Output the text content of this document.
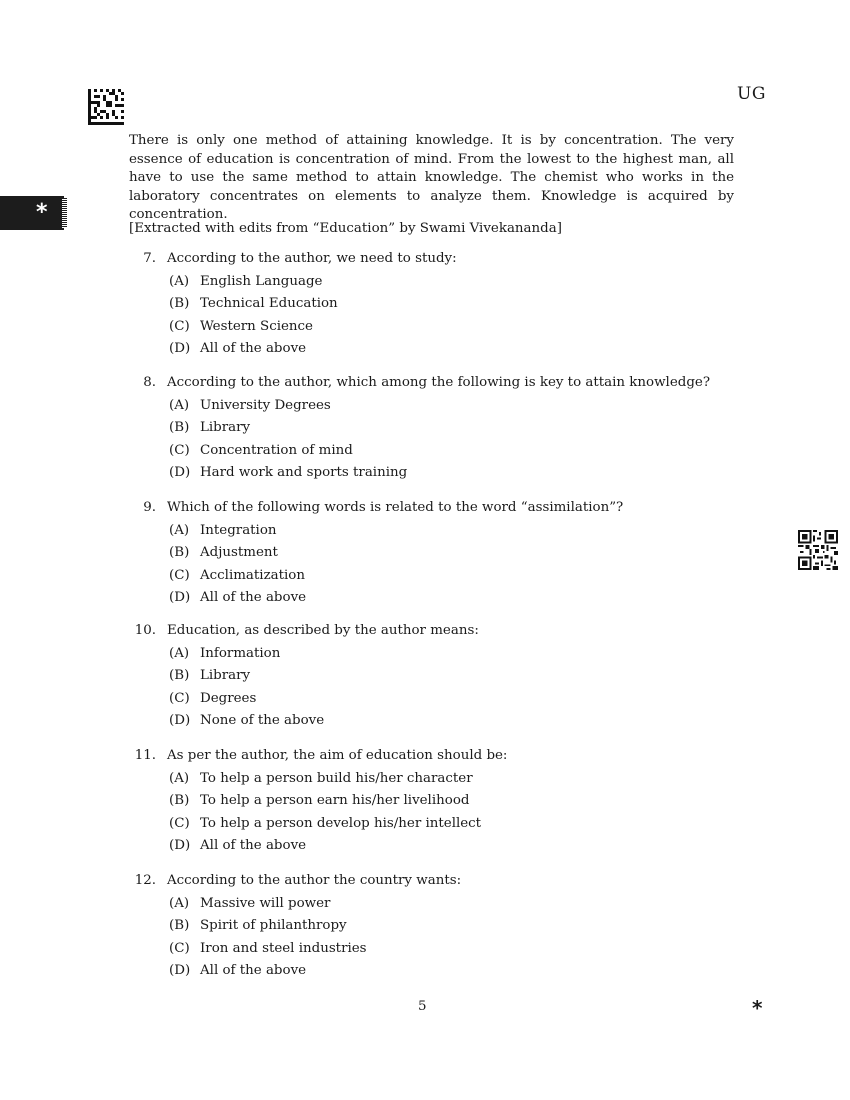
UG

There is only one method of attaining knowledge. It is by concentration. The very essence of education is concentration of mind. From the lowest to the highest man, all have to use the same method to attain knowledge. The chemist who works in the laboratory concentrates on elements to analyze them. Knowledge is acquired by concentration.

*

[Extracted with edits from “Education” by Swami Vivekananda]

7. According to the author, we need to study:
(A) English Language
(B) Technical Education
(C) Western Science
(D) All of the above
8. According to the author, which among the following is key to attain knowledge?
(A) University Degrees
(B) Library
(C) Concentration of mind
(D) Hard work and sports training
9. Which of the following words is related to the word “assimilation”?
(A) Integration
(B) Adjustment
(C) Acclimatization
(D) All of the above
10. Education, as described by the author means:
(A) Information
(B) Library
(C) Degrees
(D) None of the above
11. As per the author, the aim of education should be:
(A) To help a person build his/her character
(B) To help a person earn his/her livelihood
(C) To help a person develop his/her intellect
(D) All of the above
12. According to the author the country wants:
(A) Massive will power
(B) Spirit of philanthropy
(C) Iron and steel industries
(D) All of the above
5	*
